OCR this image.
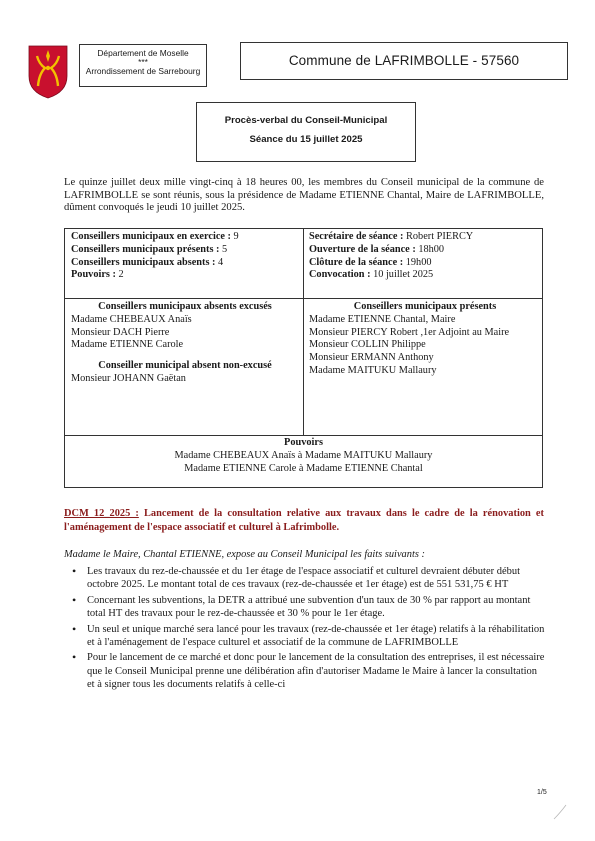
Département de Moselle
***
Arrondissement de Sarrebourg
Commune de LAFRIMBOLLE - 57560
Procès-verbal du Conseil-Municipal
Séance du 15 juillet 2025

Le quinze juillet deux mille vingt-cinq à 18 heures 00, les membres du Conseil municipal de la commune de LAFRIMBOLLE se sont réunis, sous la présidence de Madame ETIENNE Chantal, Maire de LAFRIMBOLLE, dûment convoqués le jeudi 10 juillet 2025.

Conseillers municipaux en exercice : 9
Conseillers municipaux présents : 5
Conseillers municipaux absents : 4
Pouvoirs : 2
Secrétaire de séance : Robert PIERCY
Ouverture de la séance : 18h00
Clôture de la séance : 19h00
Convocation : 10 juillet 2025
Conseillers municipaux absents excusés
Madame CHEBEAUX Anaïs
Monsieur DACH Pierre
Madame ETIENNE Carole
Conseiller municipal absent non-excusé
Monsieur JOHANN Gaëtan
Conseillers municipaux présents
Madame ETIENNE Chantal, Maire
Monsieur PIERCY Robert ,1er Adjoint au Maire
Monsieur COLLIN Philippe
Monsieur ERMANN Anthony
Madame MAITUKU Mallaury
Pouvoirs
Madame CHEBEAUX Anaïs à Madame MAITUKU Mallaury
Madame ETIENNE Carole à Madame ETIENNE Chantal

DCM 12_2025 : Lancement de la consultation relative aux travaux dans le cadre de la rénovation et l'aménagement de l'espace associatif et culturel à Lafrimbolle.

Madame le Maire, Chantal ETIENNE, expose au Conseil Municipal les faits suivants :

• Les travaux du rez-de-chaussée et du 1er étage de l'espace associatif et culturel devraient débuter début octobre 2025. Le montant total de ces travaux (rez-de-chaussée et 1er étage) est de 551 531,75 € HT
• Concernant les subventions, la DETR a attribué une subvention d'un taux de 30 % par rapport au montant total HT des travaux pour le rez-de-chaussée et 30 % pour le 1er étage.
• Un seul et unique marché sera lancé pour les travaux (rez-de-chaussée et 1er étage) relatifs à la réhabilitation et à l'aménagement de l'espace culturel et associatif de la commune de LAFRIMBOLLE
• Pour le lancement de ce marché et donc pour le lancement de la consultation des entreprises, il est nécessaire que le Conseil Municipal prenne une délibération afin d'autoriser Madame le Maire à lancer la consultation et à signer tous les documents relatifs à celle-ci
1/5
